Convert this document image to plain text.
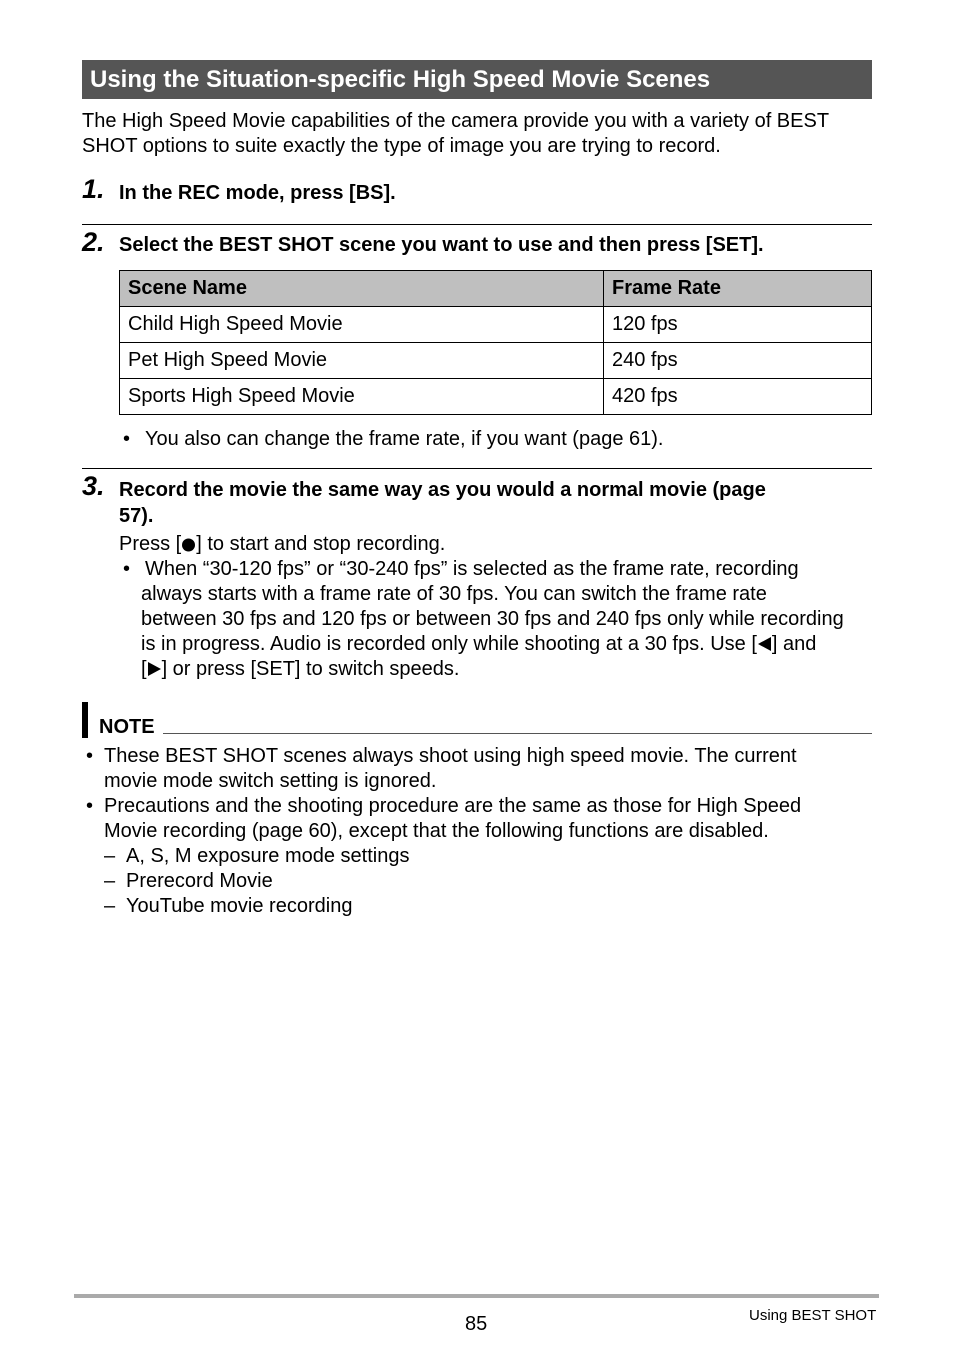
Using the Situation-specific High Speed Movie Scenes
The High Speed Movie capabilities of the camera provide you with a variety of BEST
SHOT options to suite exactly the type of image you are trying to record.
1. In the REC mode, press [BS].
2. Select the BEST SHOT scene you want to use and then press [SET].
Scene Name	Frame Rate
Child High Speed Movie	120 fps
Pet High Speed Movie	240 fps
Sports High Speed Movie	420 fps
• You also can change the frame rate, if you want (page 61).
3. Record the movie the same way as you would a normal movie (page
57).
Press [ ] to start and stop recording.
• When “30-120 fps” or “30-240 fps” is selected as the frame rate, recording
always starts with a frame rate of 30 fps. You can switch the frame rate
between 30 fps and 120 fps or between 30 fps and 240 fps only while recording
is in progress. Audio is recorded only while shooting at a 30 fps. Use [ ] and
[ ] or press [SET] to switch speeds.
NOTE
• These BEST SHOT scenes always shoot using high speed movie. The current
movie mode switch setting is ignored.
• Precautions and the shooting procedure are the same as those for High Speed
Movie recording (page 60), except that the following functions are disabled.
– A, S, M exposure mode settings
– Prerecord Movie
– YouTube movie recording
85	Using BEST SHOT
